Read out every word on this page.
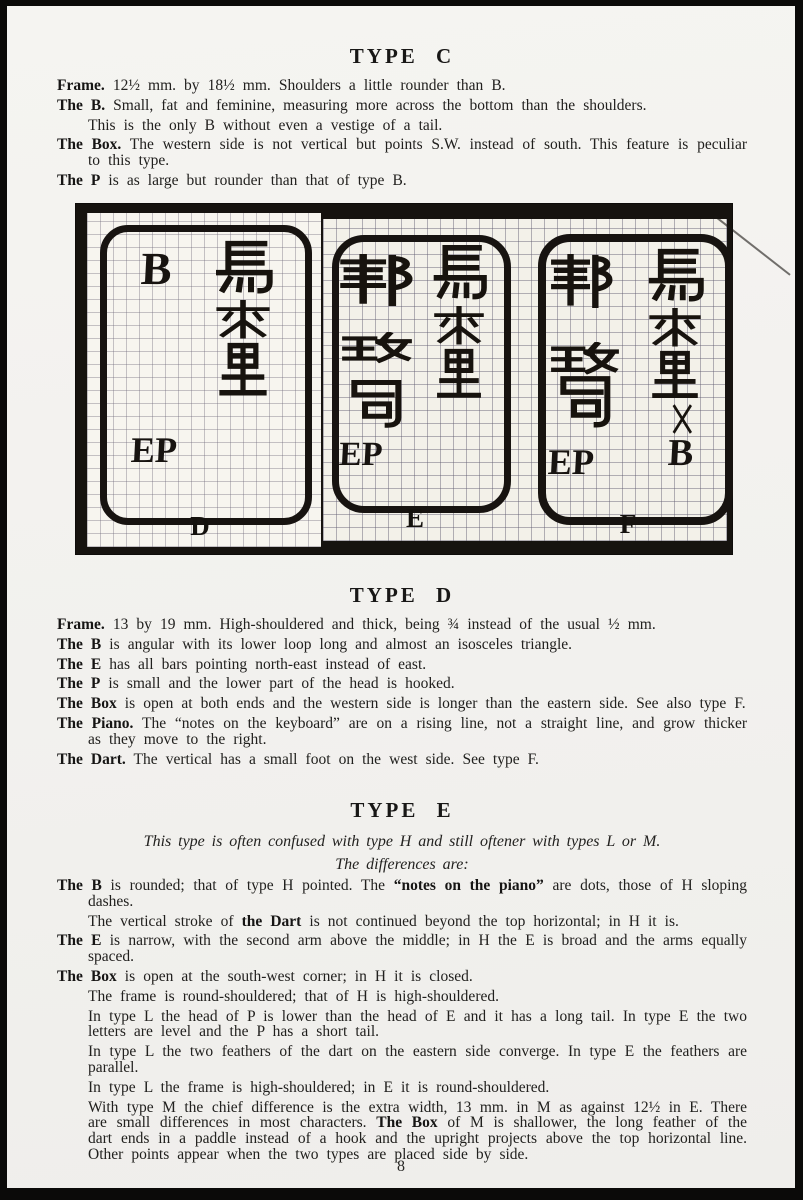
TYPE C

Frame. 12½ mm. by 18½ mm. Shoulders a little rounder than B.

The B. Small, fat and feminine, measuring more across the bottom than the shoulders.

This is the only B without even a vestige of a tail.

The Box. The western side is not vertical but points S.W. instead of south. This feature is peculiar to this type.

The P is as large but rounder than that of type B.

B
EP
D
EP
E
EP B
F
TYPE D

Frame. 13 by 19 mm. High-shouldered and thick, being ¾ instead of the usual ½ mm.

The B is angular with its lower loop long and almost an isosceles triangle.

The E has all bars pointing north-east instead of east.

The P is small and the lower part of the head is hooked.

The Box is open at both ends and the western side is longer than the eastern side. See also type F.

The Piano. The “notes on the keyboard” are on a rising line, not a straight line, and grow thicker as they move to the right.

The Dart. The vertical has a small foot on the west side. See type F.

TYPE E

This type is often confused with type H and still oftener with types L or M.

The differences are:

The B is rounded; that of type H pointed. The “notes on the piano” are dots, those of H sloping dashes.

The vertical stroke of the Dart is not continued beyond the top horizontal; in H it is.

The E is narrow, with the second arm above the middle; in H the E is broad and the arms equally spaced.

The Box is open at the south-west corner; in H it is closed.

The frame is round-shouldered; that of H is high-shouldered.

In type L the head of P is lower than the head of E and it has a long tail. In type E the two letters are level and the P has a short tail.

In type L the two feathers of the dart on the eastern side converge. In type E the feathers are parallel.

In type L the frame is high-shouldered; in E it is round-shouldered.

With type M the chief difference is the extra width, 13 mm. in M as against 12½ in E. There are small differences in most characters. The Box of M is shallower, the long feather of the dart ends in a paddle instead of a hook and the upright projects above the top horizontal line. Other points appear when the two types are placed side by side.

8
